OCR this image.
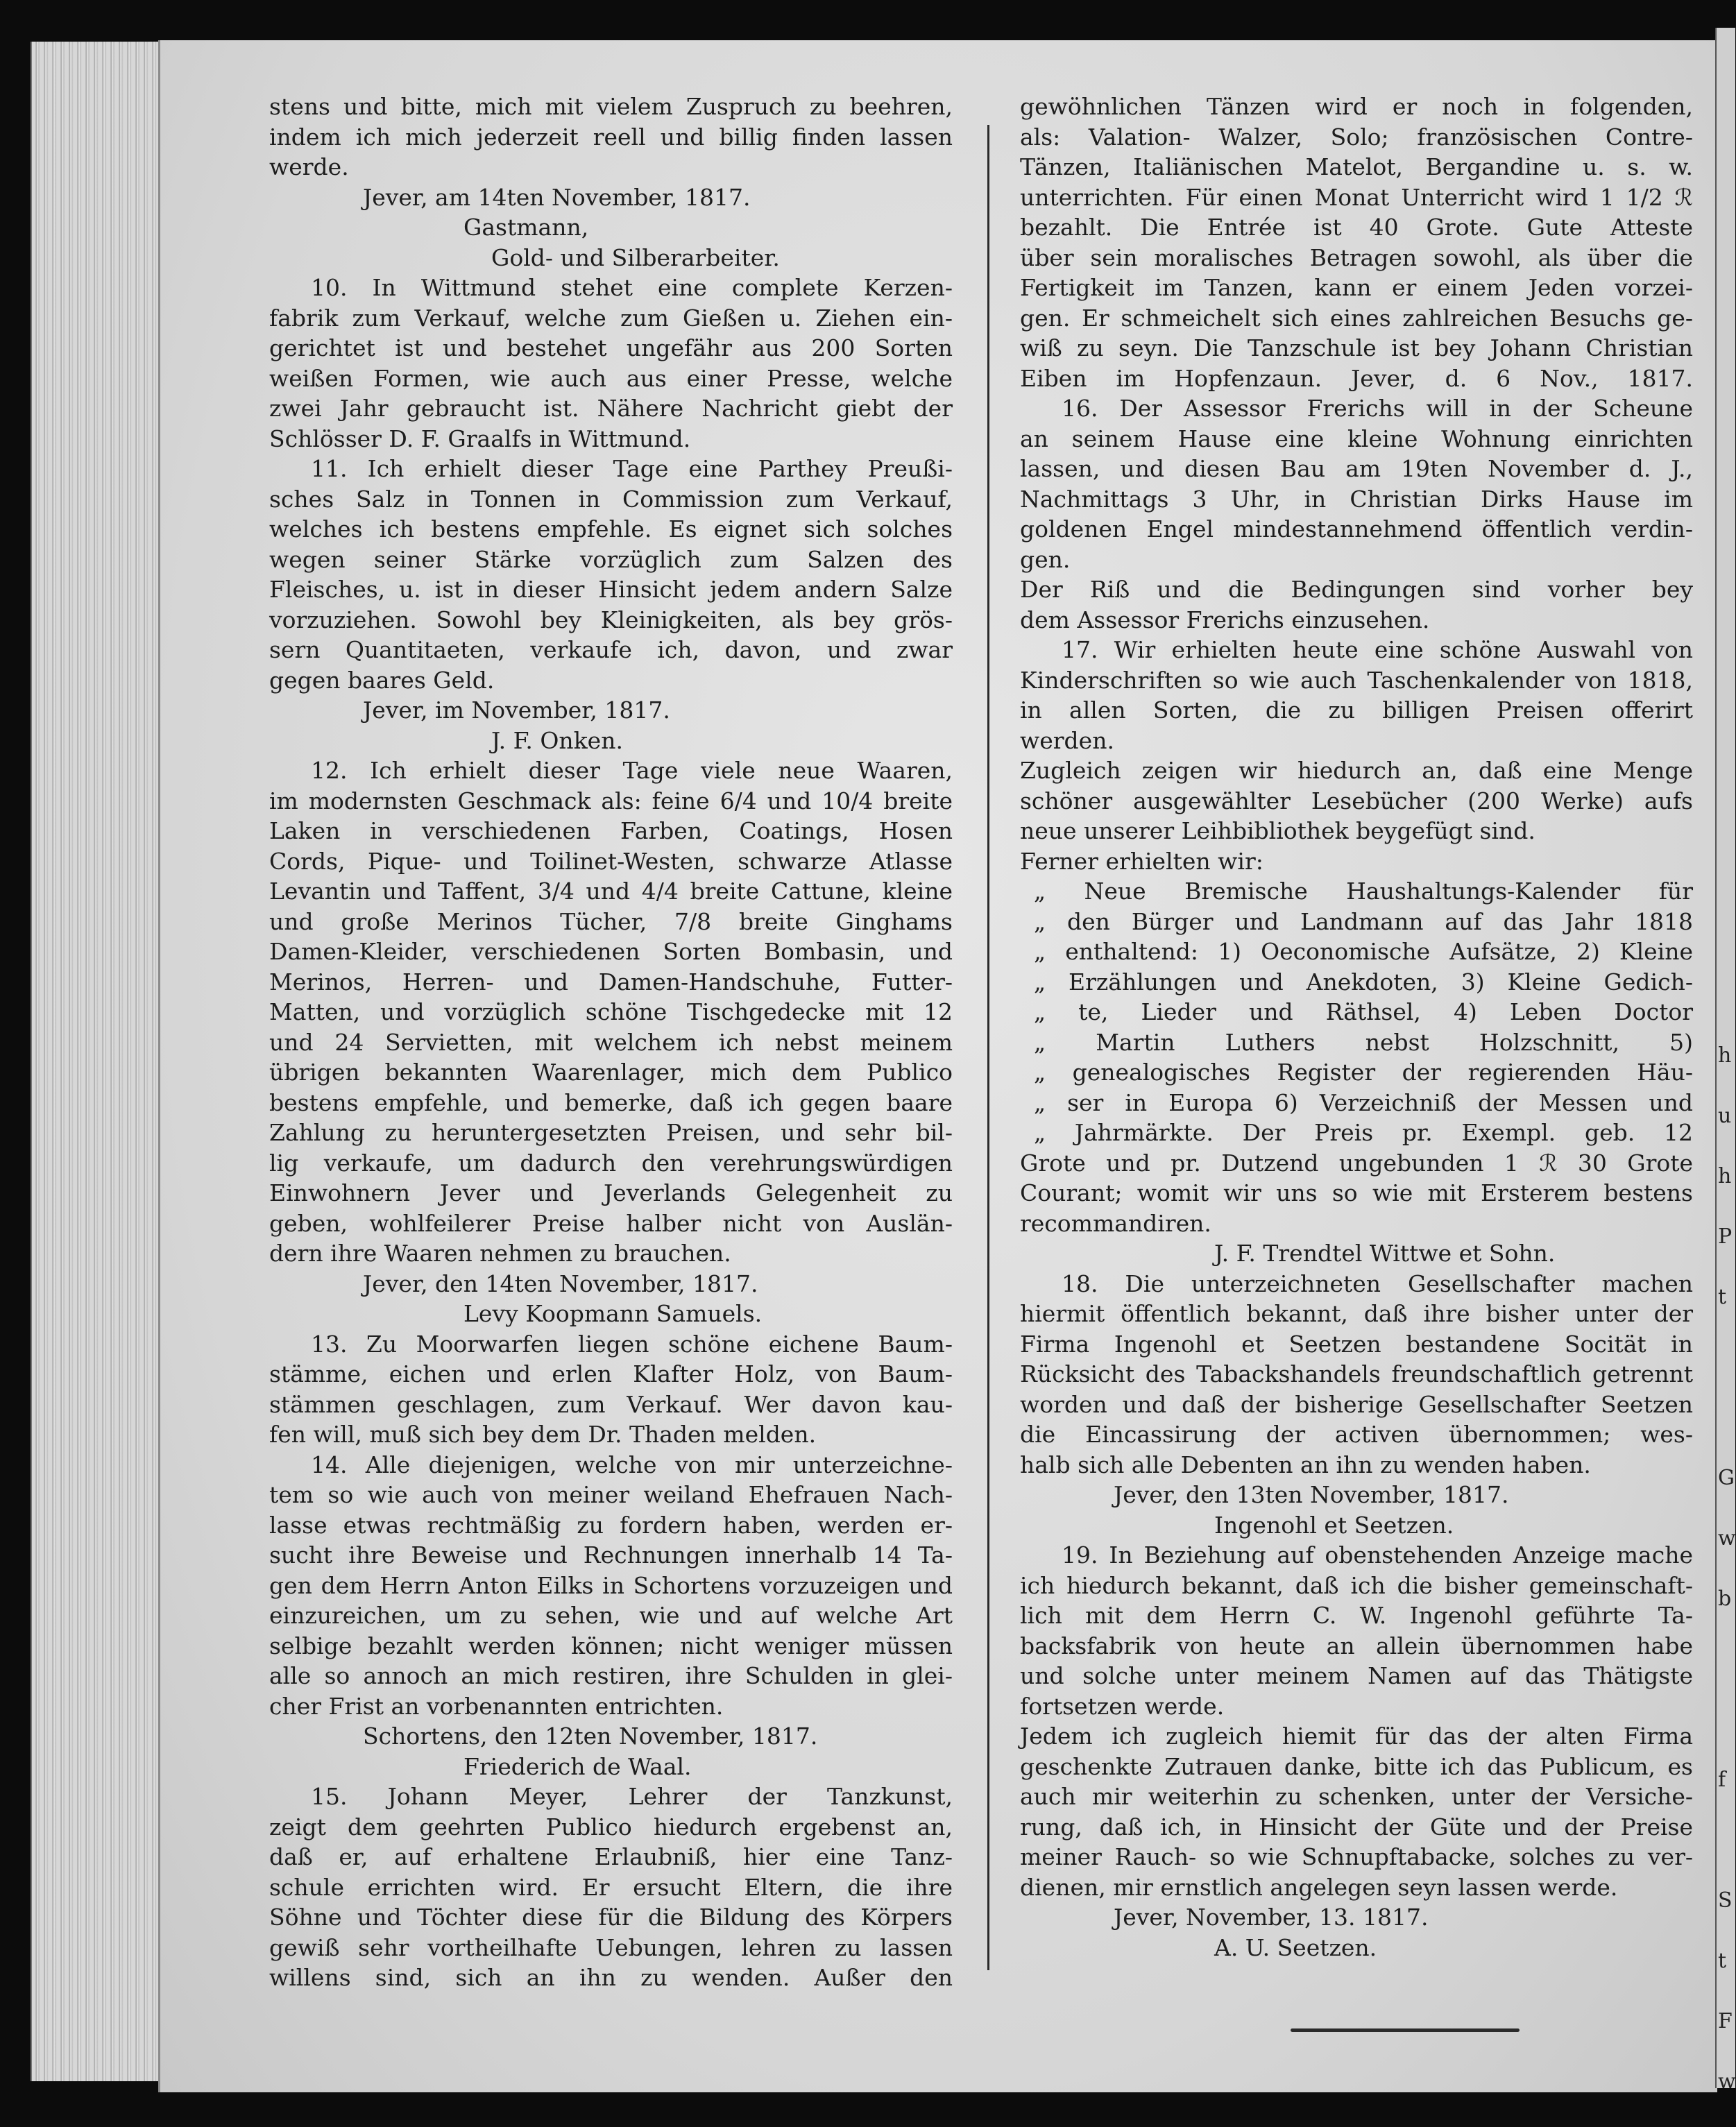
stens und bitte, mich mit vielem Zuspruch zu beehren,
indem ich mich jederzeit reell und billig finden lassen
werde.
Jever, am 14ten November, 1817.
Gastmann,
Gold- und Silberarbeiter.
10. In Wittmund stehet eine complete Kerzen-
fabrik zum Verkauf, welche zum Gießen u. Ziehen ein-
gerichtet ist und bestehet ungefähr aus 200 Sorten
weißen Formen, wie auch aus einer Presse, welche
zwei Jahr gebraucht ist. Nähere Nachricht giebt der
Schlösser D. F. Graalfs in Wittmund.
11. Ich erhielt dieser Tage eine Parthey Preußi-
sches Salz in Tonnen in Commission zum Verkauf,
welches ich bestens empfehle. Es eignet sich solches
wegen seiner Stärke vorzüglich zum Salzen des
Fleisches, u. ist in dieser Hinsicht jedem andern Salze
vorzuziehen. Sowohl bey Kleinigkeiten, als bey grös-
sern Quantitaeten, verkaufe ich, davon, und zwar
gegen baares Geld.
Jever, im November, 1817.
J. F. Onken.
12. Ich erhielt dieser Tage viele neue Waaren,
im modernsten Geschmack als: feine 6/4 und 10/4 breite
Laken in verschiedenen Farben, Coatings, Hosen
Cords, Pique- und Toilinet-Westen, schwarze Atlasse
Levantin und Taffent, 3/4 und 4/4 breite Cattune, kleine
und große Merinos Tücher, 7/8 breite Ginghams
Damen-Kleider, verschiedenen Sorten Bombasin, und
Merinos, Herren- und Damen-Handschuhe, Futter-
Matten, und vorzüglich schöne Tischgedecke mit 12
und 24 Servietten, mit welchem ich nebst meinem
übrigen bekannten Waarenlager, mich dem Publico
bestens empfehle, und bemerke, daß ich gegen baare
Zahlung zu heruntergesetzten Preisen, und sehr bil-
lig verkaufe, um dadurch den verehrungswürdigen
Einwohnern Jever und Jeverlands Gelegenheit zu
geben, wohlfeilerer Preise halber nicht von Auslän-
dern ihre Waaren nehmen zu brauchen.
Jever, den 14ten November, 1817.
Levy Koopmann Samuels.
13. Zu Moorwarfen liegen schöne eichene Baum-
stämme, eichen und erlen Klafter Holz, von Baum-
stämmen geschlagen, zum Verkauf. Wer davon kau-
fen will, muß sich bey dem Dr. Thaden melden.
14. Alle diejenigen, welche von mir unterzeichne-
tem so wie auch von meiner weiland Ehefrauen Nach-
lasse etwas rechtmäßig zu fordern haben, werden er-
sucht ihre Beweise und Rechnungen innerhalb 14 Ta-
gen dem Herrn Anton Eilks in Schortens vorzuzeigen und
einzureichen, um zu sehen, wie und auf welche Art
selbige bezahlt werden können; nicht weniger müssen
alle so annoch an mich restiren, ihre Schulden in glei-
cher Frist an vorbenannten entrichten.
Schortens, den 12ten November, 1817.
Friederich de Waal.
15. Johann Meyer, Lehrer der Tanzkunst,
zeigt dem geehrten Publico hiedurch ergebenst an,
daß er, auf erhaltene Erlaubniß, hier eine Tanz-
schule errichten wird. Er ersucht Eltern, die ihre
Söhne und Töchter diese für die Bildung des Körpers
gewiß sehr vortheilhafte Uebungen, lehren zu lassen
willens sind, sich an ihn zu wenden. Außer den
gewöhnlichen Tänzen wird er noch in folgenden,
als: Valation- Walzer, Solo; französischen Contre-
Tänzen, Italiänischen Matelot, Bergandine u. s. w.
unterrichten. Für einen Monat Unterricht wird 1 1/2 ℛ
bezahlt. Die Entrée ist 40 Grote. Gute Atteste
über sein moralisches Betragen sowohl, als über die
Fertigkeit im Tanzen, kann er einem Jeden vorzei-
gen. Er schmeichelt sich eines zahlreichen Besuchs ge-
wiß zu seyn. Die Tanzschule ist bey Johann Christian
Eiben im Hopfenzaun. Jever, d. 6 Nov., 1817.
16. Der Assessor Frerichs will in der Scheune
an seinem Hause eine kleine Wohnung einrichten
lassen, und diesen Bau am 19ten November d. J.,
Nachmittags 3 Uhr, in Christian Dirks Hause im
goldenen Engel mindestannehmend öffentlich verdin-
gen.
Der Riß und die Bedingungen sind vorher bey
dem Assessor Frerichs einzusehen.
17. Wir erhielten heute eine schöne Auswahl von
Kinderschriften so wie auch Taschenkalender von 1818,
in allen Sorten, die zu billigen Preisen offerirt
werden.
Zugleich zeigen wir hiedurch an, daß eine Menge
schöner ausgewählter Lesebücher (200 Werke) aufs
neue unserer Leihbibliothek beygefügt sind.
Ferner erhielten wir:
„ Neue Bremische Haushaltungs-Kalender für
„ den Bürger und Landmann auf das Jahr 1818
„ enthaltend: 1) Oeconomische Aufsätze, 2) Kleine
„ Erzählungen und Anekdoten, 3) Kleine Gedich-
„ te, Lieder und Räthsel, 4) Leben Doctor
„ Martin Luthers nebst Holzschnitt, 5)
„ genealogisches Register der regierenden Häu-
„ ser in Europa 6) Verzeichniß der Messen und
„ Jahrmärkte. Der Preis pr. Exempl. geb. 12
Grote und pr. Dutzend ungebunden 1 ℛ 30 Grote
Courant; womit wir uns so wie mit Ersterem bestens
recommandiren.
J. F. Trendtel Wittwe et Sohn.
18. Die unterzeichneten Gesellschafter machen
hiermit öffentlich bekannt, daß ihre bisher unter der
Firma Ingenohl et Seetzen bestandene Socität in
Rücksicht des Tabackshandels freundschaftlich getrennt
worden und daß der bisherige Gesellschafter Seetzen
die Eincassirung der activen übernommen; wes-
halb sich alle Debenten an ihn zu wenden haben.
Jever, den 13ten November, 1817.
Ingenohl et Seetzen.
19. In Beziehung auf obenstehenden Anzeige mache
ich hiedurch bekannt, daß ich die bisher gemeinschaft-
lich mit dem Herrn C. W. Ingenohl geführte Ta-
backsfabrik von heute an allein übernommen habe
und solche unter meinem Namen auf das Thätigste
fortsetzen werde.
Jedem ich zugleich hiemit für das der alten Firma
geschenkte Zutrauen danke, bitte ich das Publicum, es
auch mir weiterhin zu schenken, unter der Versiche-
rung, daß ich, in Hinsicht der Güte und der Preise
meiner Rauch- so wie Schnupftabacke, solches zu ver-
dienen, mir ernstlich angelegen seyn lassen werde.
Jever, November, 13. 1817.
A. U. Seetzen.
h
u
h
P
t
G
w
b
f
S
t
F
w
